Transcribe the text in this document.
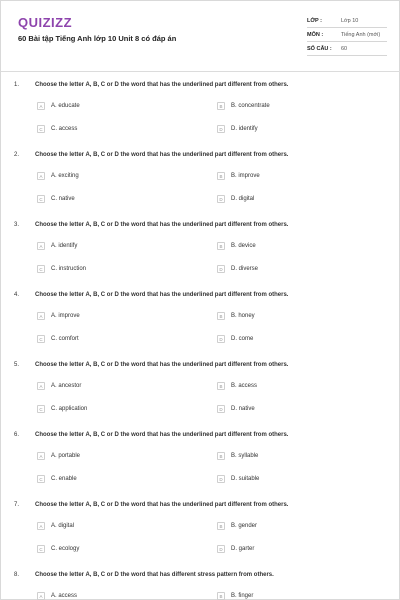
QUIZIZZ
60 Bài tập Tiếng Anh lớp 10 Unit 8 có đáp án
LỚP :	Lớp 10
MÔN :	Tiếng Anh (mới)
SỐ CÂU :	60
1.	Choose the letter A, B, C or D the word that has the underlined part different from others.
A	A. educate	B	B. concentrate
C	C. access	D	D. identify
2.	Choose the letter A, B, C or D the word that has the underlined part different from others.
A	A. exciting	B	B. improve
C	C. native	D	D. digital
3.	Choose the letter A, B, C or D the word that has the underlined part different from others.
A	A. identify	B	B. device
C	C. instruction	D	D. diverse
4.	Choose the letter A, B, C or D the word that has the underlined part different from others.
A	A. improve	B	B. honey
C	C. comfort	D	D. come
5.	Choose the letter A, B, C or D the word that has the underlined part different from others.
A	A. ancestor	B	B. access
C	C. application	D	D. native
6.	Choose the letter A, B, C or D the word that has the underlined part different from others.
A	A. portable	B	B. syllable
C	C. enable	D	D. suitable
7.	Choose the letter A, B, C or D the word that has the underlined part different from others.
A	A. digital	B	B. gender
C	C. ecology	D	D. garter
8.	Choose the letter A, B, C or D the word that has different stress pattern from others.
A	A. access	B	B. finger
